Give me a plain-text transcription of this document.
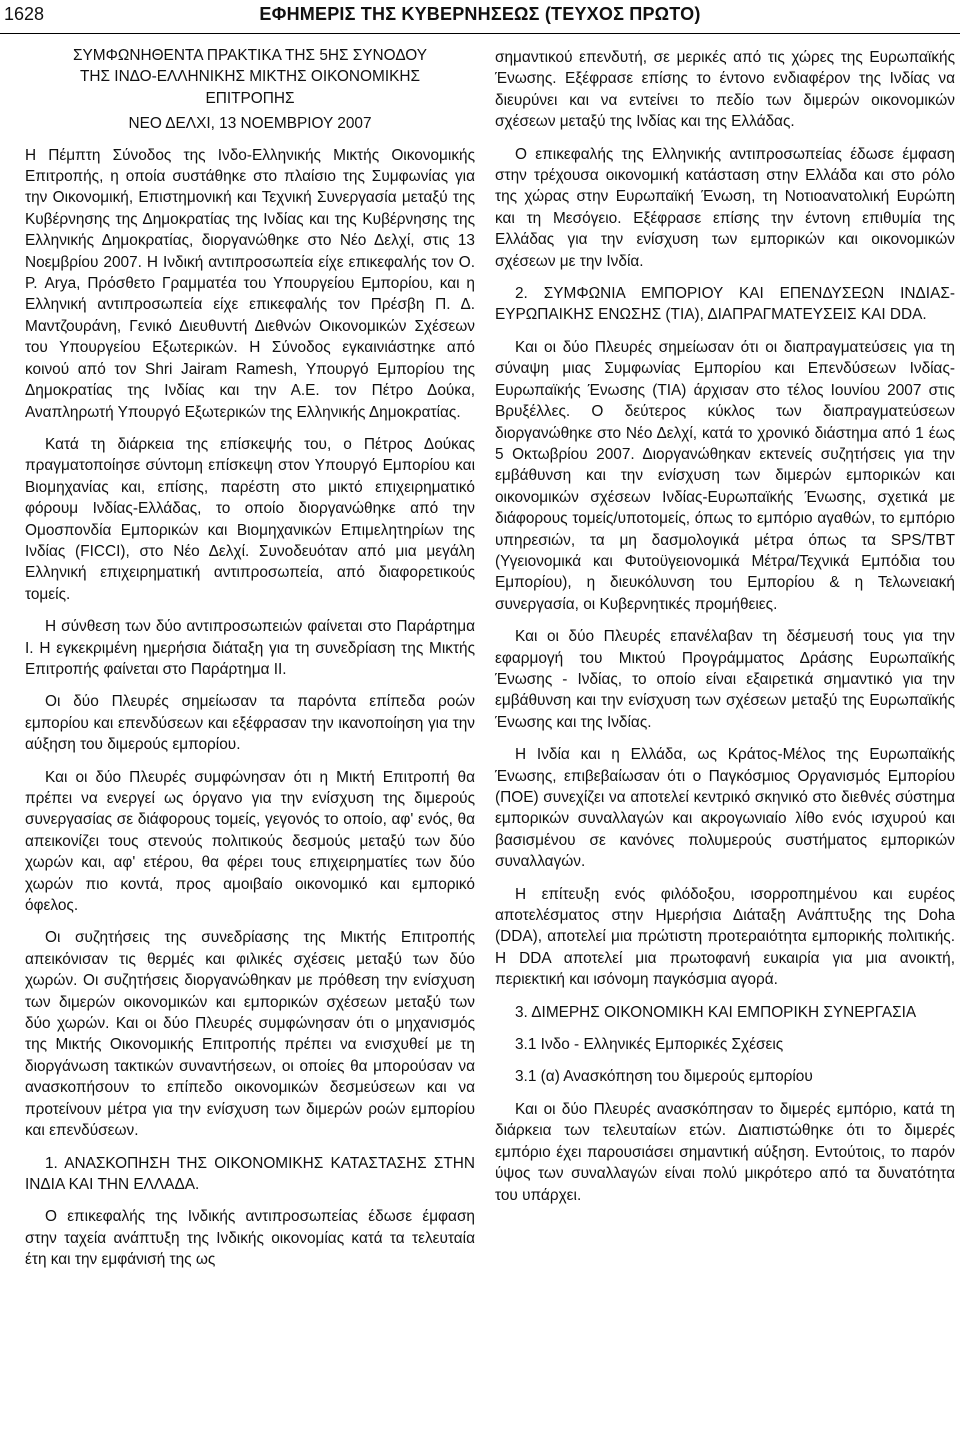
1628	ΕΦΗΜΕΡΙΣ ΤΗΣ ΚΥΒΕΡΝΗΣΕΩΣ (ΤΕΥΧΟΣ ΠΡΩΤΟ)
ΣΥΜΦΩΝΗΘΕΝΤΑ ΠΡΑΚΤΙΚΑ ΤΗΣ 5ΗΣ ΣΥΝΟΔΟΥ
ΤΗΣ ΙΝΔΟ-ΕΛΛΗΝΙΚΗΣ ΜΙΚΤΗΣ ΟΙΚΟΝΟΜΙΚΗΣ
ΕΠΙΤΡΟΠΗΣ
ΝΕΟ ΔΕΛΧΙ, 13 ΝΟΕΜΒΡΙΟΥ 2007

Η Πέμπτη Σύνοδος της Ινδο-Ελληνικής Μικτής Οικονομικής Επιτροπής, η οποία συστάθηκε στο πλαίσιο της Συμφωνίας για την Οικονομική, Επιστημονική και Τεχνική Συνεργασία μεταξύ της Κυβέρνησης της Δημοκρατίας της Ινδίας και της Κυβέρνησης της Ελληνικής Δημοκρατίας, διοργανώθηκε στο Νέο Δελχί, στις 13 Νοεμβρίου 2007. Η Ινδική αντιπροσωπεία είχε επικεφαλής τον Ο. Ρ. Arya, Πρόσθετο Γραμματέα του Υπουργείου Εμπορίου, και η Ελληνική αντιπροσωπεία είχε επικεφαλής τον Πρέσβη Π. Δ. Μαντζουράνη, Γενικό Διευθυντή Διεθνών Οικονομικών Σχέσεων του Υπουργείου Εξωτερικών. Η Σύνοδος εγκαινιάστηκε από κοινού από τον Shri Jairam Ramesh, Υπουργό Εμπορίου της Δημοκρατίας της Ινδίας και την Α.Ε. τον Πέτρο Δούκα, Αναπληρωτή Υπουργό Εξωτερικών της Ελληνικής Δημοκρατίας.

Κατά τη διάρκεια της επίσκεψής του, ο Πέτρος Δούκας πραγματοποίησε σύντομη επίσκεψη στον Υπουργό Εμπορίου και Βιομηχανίας και, επίσης, παρέστη στο μικτό επιχειρηματικό φόρουμ Ινδίας-Ελλάδας, το οποίο διοργανώθηκε από την Ομοσπονδία Εμπορικών και Βιομηχανικών Επιμελητηρίων της Ινδίας (FICCI), στο Νέο Δελχί. Συνοδευόταν από μια μεγάλη Ελληνική επιχειρηματική αντιπροσωπεία, από διαφορετικούς τομείς.

Η σύνθεση των δύο αντιπροσωπειών φαίνεται στο Παράρτημα Ι. Η εγκεκριμένη ημερήσια διάταξη για τη συνεδρίαση της Μικτής Επιτροπής φαίνεται στο Παράρτημα ΙΙ.

Οι δύο Πλευρές σημείωσαν τα παρόντα επίπεδα ροών εμπορίου και επενδύσεων και εξέφρασαν την ικανοποίηση για την αύξηση του διμερούς εμπορίου.

Και οι δύο Πλευρές συμφώνησαν ότι η Μικτή Επιτροπή θα πρέπει να ενεργεί ως όργανο για την ενίσχυση της διμερούς συνεργασίας σε διάφορους τομείς, γεγονός το οποίο, αφ' ενός, θα απεικονίζει τους στενούς πολιτικούς δεσμούς μεταξύ των δύο χωρών και, αφ' ετέρου, θα φέρει τους επιχειρηματίες των δύο χωρών πιο κοντά, προς αμοιβαίο οικονομικό και εμπορικό όφελος.

Οι συζητήσεις της συνεδρίασης της Μικτής Επιτροπής απεικόνισαν τις θερμές και φιλικές σχέσεις μεταξύ των δύο χωρών. Οι συζητήσεις διοργανώθηκαν με πρόθεση την ενίσχυση των διμερών οικονομικών και εμπορικών σχέσεων μεταξύ των δύο χωρών. Και οι δύο Πλευρές συμφώνησαν ότι ο μηχανισμός της Μικτής Οικονομικής Επιτροπής πρέπει να ενισχυθεί με τη διοργάνωση τακτικών συναντήσεων, οι οποίες θα μπορούσαν να ανασκοπήσουν το επίπεδο οικονομικών δεσμεύσεων και να προτείνουν μέτρα για την ενίσχυση των διμερών ροών εμπορίου και επενδύσεων.

1. ΑΝΑΣΚΟΠΗΣΗ ΤΗΣ ΟΙΚΟΝΟΜΙΚΗΣ ΚΑΤΑΣΤΑΣΗΣ ΣΤΗΝ ΙΝΔΙΑ ΚΑΙ ΤΗΝ ΕΛΛΑΔΑ.

Ο επικεφαλής της Ινδικής αντιπροσωπείας έδωσε έμφαση στην ταχεία ανάπτυξη της Ινδικής οικονομίας κατά τα τελευταία έτη και την εμφάνισή της ως

σημαντικού επενδυτή, σε μερικές από τις χώρες της Ευρωπαϊκής Ένωσης. Εξέφρασε επίσης το έντονο ενδιαφέρον της Ινδίας να διευρύνει και να εντείνει το πεδίο των διμερών οικονομικών σχέσεων μεταξύ της Ινδίας και της Ελλάδας.

Ο επικεφαλής της Ελληνικής αντιπροσωπείας έδωσε έμφαση στην τρέχουσα οικονομική κατάσταση στην Ελλάδα και στο ρόλο της χώρας στην Ευρωπαϊκή Ένωση, τη Νοτιοανατολική Ευρώπη και τη Μεσόγειο. Εξέφρασε επίσης την έντονη επιθυμία της Ελλάδας για την ενίσχυση των εμπορικών και οικονομικών σχέσεων με την Ινδία.

2. ΣΥΜΦΩΝΙΑ ΕΜΠΟΡΙΟΥ ΚΑΙ ΕΠΕΝΔΥΣΕΩΝ ΙΝΔΙΑΣ-ΕΥΡΩΠΑΙΚΗΣ ΕΝΩΣΗΣ (ΤΙΑ), ΔΙΑΠΡΑΓΜΑΤΕΥΣΕΙΣ ΚΑΙ DDA.

Και οι δύο Πλευρές σημείωσαν ότι οι διαπραγματεύσεις για τη σύναψη μιας Συμφωνίας Εμπορίου και Επενδύσεων Ινδίας-Ευρωπαϊκής Ένωσης (ΤΙΑ) άρχισαν στο τέλος Ιουνίου 2007 στις Βρυξέλλες. Ο δεύτερος κύκλος των διαπραγματεύσεων διοργανώθηκε στο Νέο Δελχί, κατά το χρονικό διάστημα από 1 έως 5 Οκτωβρίου 2007. Διοργανώθηκαν εκτενείς συζητήσεις για την εμβάθυνση και την ενίσχυση των διμερών εμπορικών και οικονομικών σχέσεων Ινδίας-Ευρωπαϊκής Ένωσης, σχετικά με διάφορους τομείς/υποτομείς, όπως το εμπόριο αγαθών, το εμπόριο υπηρεσιών, τα μη δασμολογικά μέτρα όπως τα SPS/ΤΒΤ (Υγειονομικά και Φυτοϋγειονομικά Μέτρα/Τεχνικά Εμπόδια του Εμπορίου), η διευκόλυνση του Εμπορίου & η Τελωνειακή συνεργασία, οι Κυβερνητικές προμήθειες.

Και οι δύο Πλευρές επανέλαβαν τη δέσμευσή τους για την εφαρμογή του Μικτού Προγράμματος Δράσης Ευρωπαϊκής Ένωσης - Ινδίας, το οποίο είναι εξαιρετικά σημαντικό για την εμβάθυνση και την ενίσχυση των σχέσεων μεταξύ της Ευρωπαϊκής Ένωσης και της Ινδίας.

Η Ινδία και η Ελλάδα, ως Κράτος-Μέλος της Ευρωπαϊκής Ένωσης, επιβεβαίωσαν ότι ο Παγκόσμιος Οργανισμός Εμπορίου (ΠΟΕ) συνεχίζει να αποτελεί κεντρικό σκηνικό στο διεθνές σύστημα εμπορικών συναλλαγών και ακρογωνιαίο λίθο ενός ισχυρού και βασισμένου σε κανόνες πολυμερούς συστήματος εμπορικών συναλλαγών.

Η επίτευξη ενός φιλόδοξου, ισορροπημένου και ευρέος αποτελέσματος στην Ημερήσια Διάταξη Ανάπτυξης της Doha (DDA), αποτελεί μια πρώτιστη προτεραιότητα εμπορικής πολιτικής. Η DDA αποτελεί μια πρωτοφανή ευκαιρία για μια ανοικτή, περιεκτική και ισόνομη παγκόσμια αγορά.

3. ΔΙΜΕΡΗΣ ΟΙΚΟΝΟΜΙΚΗ ΚΑΙ ΕΜΠΟΡΙΚΗ ΣΥΝΕΡΓΑΣΙΑ

3.1 Ινδο - Ελληνικές Εμπορικές Σχέσεις

3.1 (α) Ανασκόπηση του διμερούς εμπορίου

Και οι δύο Πλευρές ανασκόπησαν το διμερές εμπόριο, κατά τη διάρκεια των τελευταίων ετών. Διαπιστώθηκε ότι το διμερές εμπόριο έχει παρουσιάσει σημαντική αύξηση. Εντούτοις, το παρόν ύψος των συναλλαγών είναι πολύ μικρότερο από τα δυνατότητα του υπάρχει.
